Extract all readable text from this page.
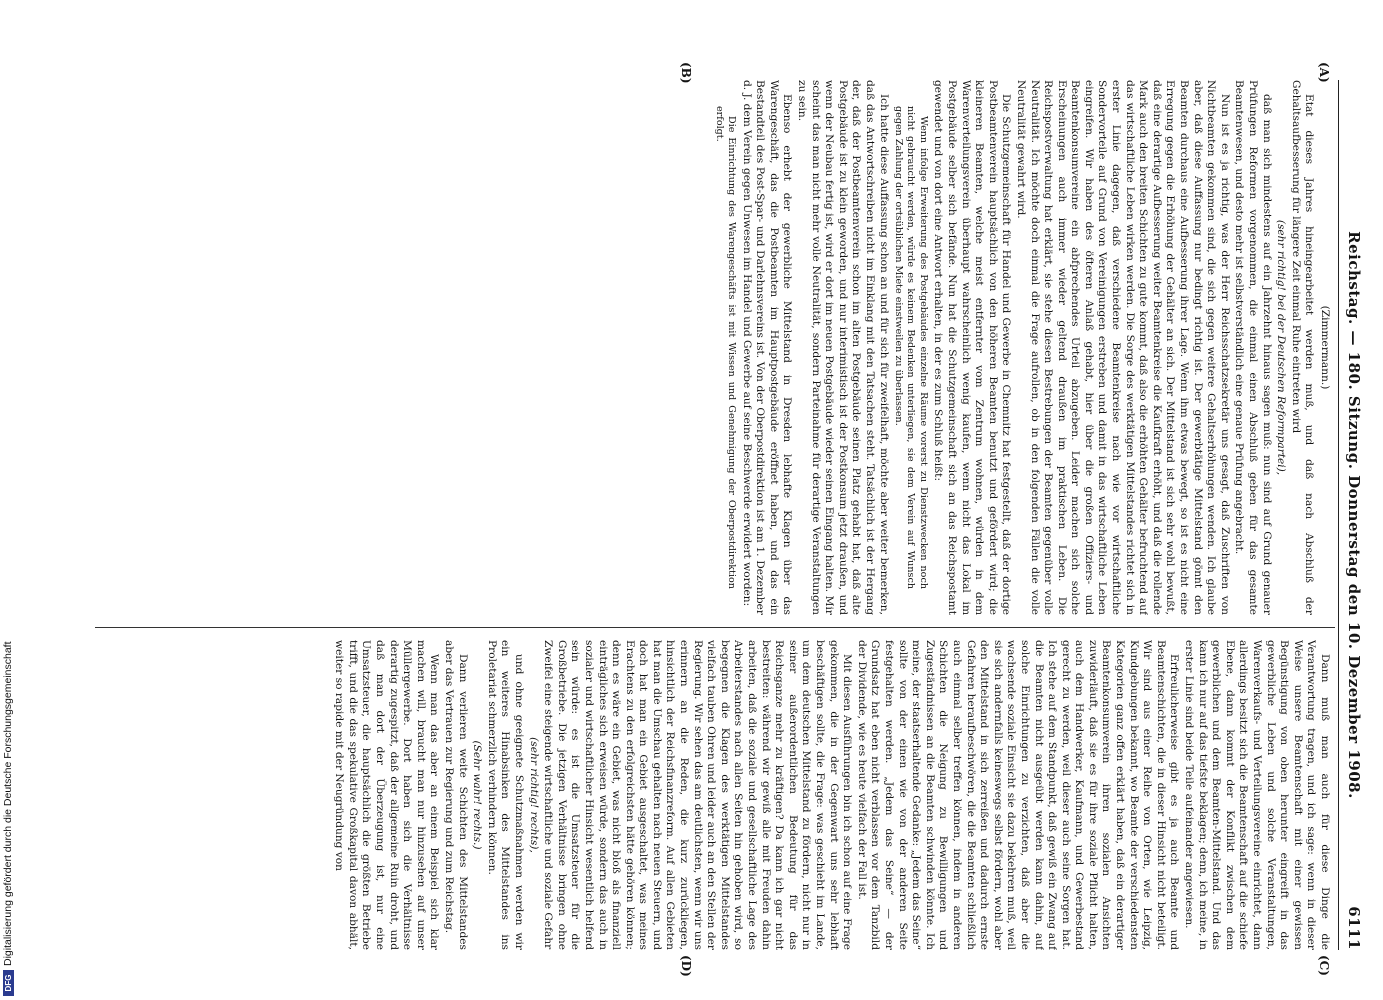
Reichstag. — 180. Sitzung. Donnerstag den 10. Dezember 1908.
6111
(A)
(B)
(C)
(D)

(Zimmermann.)

Etat dieses Jahres hineingearbeitet werden muß, und daß nach Abschluß der Gehaltsaufbesserung für längere Zeit einmal Ruhe eintreten wird

(sehr richtig! bei der Deutschen Reformpartei),

daß man sich mindestens auf ein Jahrzehnt hinaus sagen muß: nun sind auf Grund genauer Prüfungen Reformen vorgenommen, die einmal einen Abschluß geben für das gesamte Beamtenwesen, und desto mehr ist selbstverständlich eine genaue Prüfung angebracht.

Nun ist es ja richtig, was der Herr Reichsschatzsekretär uns gesagt, daß Zuschriften von Nichtbeamten gekommen sind, die sich gegen weitere Gehaltserhöhungen wenden. Ich glaube aber, daß diese Auffassung nur bedingt richtig ist. Der gewerbtätige Mittelstand gönnt den Beamten durchaus eine Aufbesserung ihrer Lage. Wenn ihm etwas bewegt, so ist es nicht eine Erregung gegen die Erhöhung der Gehälter an sich. Der Mittelstand ist sich sehr wohl bewußt, daß eine derartige Aufbesserung weiter Beamtenkreise die Kaufkraft erhöht, und daß die rollende Mark auch den breiten Schichten zu gute kommt, daß also die erhöhten Gehälter befruchtend auf das wirtschaftliche Leben wirken werden. Die Sorge des werktätigen Mittelstandes richtet sich in erster Linie dagegen, daß verschiedene Beamtenkreise nach wie vor wirtschaftliche Sondervorteile auf Grund von Vereinigungen erstreben und damit in das wirtschaftliche Leben eingreifen. Wir haben des öfteren Anlaß gehabt, hier über die großen Offiziers- und Beamtenkonsumvereine ein abfprechendes Urteil abzugeben. Leider machen sich solche Erscheinungen auch immer wieder geltend draußen im praktischen Leben. Die Reichspostverwaltung hat erklärt, sie stehe diesen Bestrebungen der Beamten gegenüber volle Neutralität. Ich möchte doch einmal die Frage aufrollen, ob in den folgenden Fällen die volle Neutralität gewahrt wird.

Die Schutzgemeinschaft für Handel und Gewerbe in Chemnitz hat festgestellt, daß der dortige Postbeamtenverein hauptsächlich von den höheren Beamten benutzt und gefördert wird; die kleineren Beamten, welche meist entfernter vom Zentrum wohnen, würden in dem Warenverteilungsverein überhaupt wahrscheinlich wenig kaufen, wenn nicht das Lokal im Postgebäude selber sich befände. Nun hat die Schutzgemeinschaft sich an das Reichspostamt gewendet und von dort eine Antwort erhalten, in der es zum Schluß heißt:

Wenn infolge Erweiterung des Postgebäudes einzelne Räume vorerst zu Dienstzwecken noch nicht gebraucht werden, würde es keinem Bedenken unterliegen, sie dem Verein auf Wunsch gegen Zahlung der ortsüblichen Miete einstweilen zu überlassen.

Ich hatte diese Auffassung schon an und für sich für zweifelhaft, möchte aber weiter bemerken, daß das Antwortschreiben nicht im Einklang mit den Tatsachen steht. Tatsächlich ist der Hergang der, daß der Postbeamtenverein schon im alten Postgebäude seinen Platz gehabt hat, daß alte Postgebäude ist zu klein geworden, und nur interimistisch ist der Postkonsum jetzt draußen, und wenn der Neubau fertig ist, wird er dort im neuen Postgebäude wieder seinen Eingang halten. Mir scheint das man nicht mehr volle Neutralität, sondern Parteinahme für derartige Veranstaltungen zu sein.

Ebenso erhebt der gewerbliche Mittelstand in Dresden lebhafte Klagen über das Warengeschäft, das die Postbeamten im Hauptpostgebäude eröffnet haben, und das ein Bestandteil des Post-Spar- und Darlehnsvereins ist. Von der Oberpostdirektion ist am 1. Dezember d. J. dem Verein gegen Unwesen im Handel und Gewerbe auf seine Beschwerde erwidert worden:

Die Einrichtung des Warengeschäfts ist mit Wissen und Genehmigung der Oberpostdirektion erfolgt.

Dann muß man auch für diese Dinge die Verantwortung tragen, und ich sage: wenn in dieser Weise unsere Beamtenschaft mit einer gewissen Begünstigung von oben herunter eingreift in das gewerbliche Leben und solche Veranstaltungen, Warenverkaufs- und Verteilungsvereine einrichtet, dann allerdings besitzt sich die Beamtenschaft auf die schiefe Ebene, dann kommt der Konflikt zwischen dem gewerblichen und dem Beamten-Mittelstand. Und das kann ich nur auf das tiefste beklagen; denn, ich meine, in erster Linie sind beide Teile aufeinander angewiesen.

Erfreulicherweise gibt es ja auch Beamte und Beamtenschichten, die in dieser Hinsicht nicht beteiligt. Wir sind aus einer Reihe von Orten, wie Leipzig, Kundgebungen bekannt, wo Beamte der verschiedensten Kategorien ganz offen erklärt haben, daß ein derartiger Beamtenkonsumverein ihren sozialen Ansichten zuwiderläuft, daß sie es für ihre soziale Pflicht halten, auch dem Handwerker, Kaufmann, und Gewerbestand gerecht zu werden, weil dieser auch seine Sorgen hat. Ich stehe auf dem Standpunkt, daß gewiß ein Zwang auf die Beamten nicht ausgeübt werden kann dahin, auf solche Einrichtungen zu verzichten, daß aber die wachsende soziale Einsicht sie dazu bekehren muß, weil sie sich andernfalls keineswegs selbst fördern, wohl aber den Mittelstand in sich zerreißen und dadurch ernste Gefahren heraufbeschwören, die die Beamten schließlich auch einmal selber treffen können, indem in anderen Schichten die Neigung zu Bewilligungen und Zugeständnissen an die Beamten schwinden könnte. Ich meine, der staatserhaltende Gedanke: „Jedem das Seine“ sollte von der einen wie von der anderen Seite festgehalten werden. „Jedem das Seine“ — der Grundsatz hat eben nicht verblassen vor dem Tanzbild der Dividende, wie es heute vielfach der Fall ist.

Mit diesen Ausführungen bin ich schon auf eine Frage gekommen, die in der Gegenwart uns sehr lebhaft beschäftigen sollte, die Frage: was geschieht im Lande, um dem deutschen Mittelstand zu fördern, nicht nur in seiner außerordentlichen Bedeutung für das Reichsganze mehr zu kräftigen? Da kann ich gar nicht bestreiten: während wir gewiß alle mit Freuden dahin arbeiten, daß die soziale und gesellschaftliche Lage des Arbeiterstandes nach allen Seiten hin gehoben wird, so begegnen die Klagen des werktätigen Mittelstandes vielfach tauben Ohren und leider auch an den Stellen der Regierung. Wir sehen das am deutlichsten, wenn wir uns erinnern an die Reden, die kurz zurückliegen, hinsichtlich der Reichsfinanzreform. Auf allen Gebieten hat man die Umschau gehalten nach neuen Steuern, und doch hat man ein Gebiet ausgeschaltet, was meines Erachtens zu den erfolgreichsten hätte gehören können; denn es wäre ein Gebiet, was nicht bloß als finanziell einträgliches sich erweisen würde, sondern das auch in sozialer und wirtschaftlicher Hinsicht wesentlich helfend sein würde: es ist die Umsatzsteuer für die Großbetriebe. Die jetzigen Verhältnisse bringen ohne Zweifel eine steigende wirtschaftliche und soziale Gefahr

(sehr richtig! rechts),

und ohne geeignete Schutzmaßnahmen werden wir ein weiteres Hinabsinken des Mittelstandes ins Proletariat schmerzlich verhindern können.

(Sehr wahr! rechts.)

Dann verlieren weite Schichten des Mittelstandes aber das Vertrauen zur Regierung und zum Reichstag.

Wenn man das aber an einem Beispiel sich klar machen will, braucht man nur hinzusehen auf unser Müllergewerbe. Dort haben sich die Verhältnisse derartig zugespitzt, daß der allgemeine Ruin droht, und daß man dort der Überzeugung ist, nur eine Umsatzsteuer, die hauptsächlich die größten Betriebe trifft, und die das spekulative Großkapital davon abhält, weiter so rapide mit der Neugründung von

DFG
Digitalisierung gefördert durch die Deutsche Forschungsgemeinschaft
